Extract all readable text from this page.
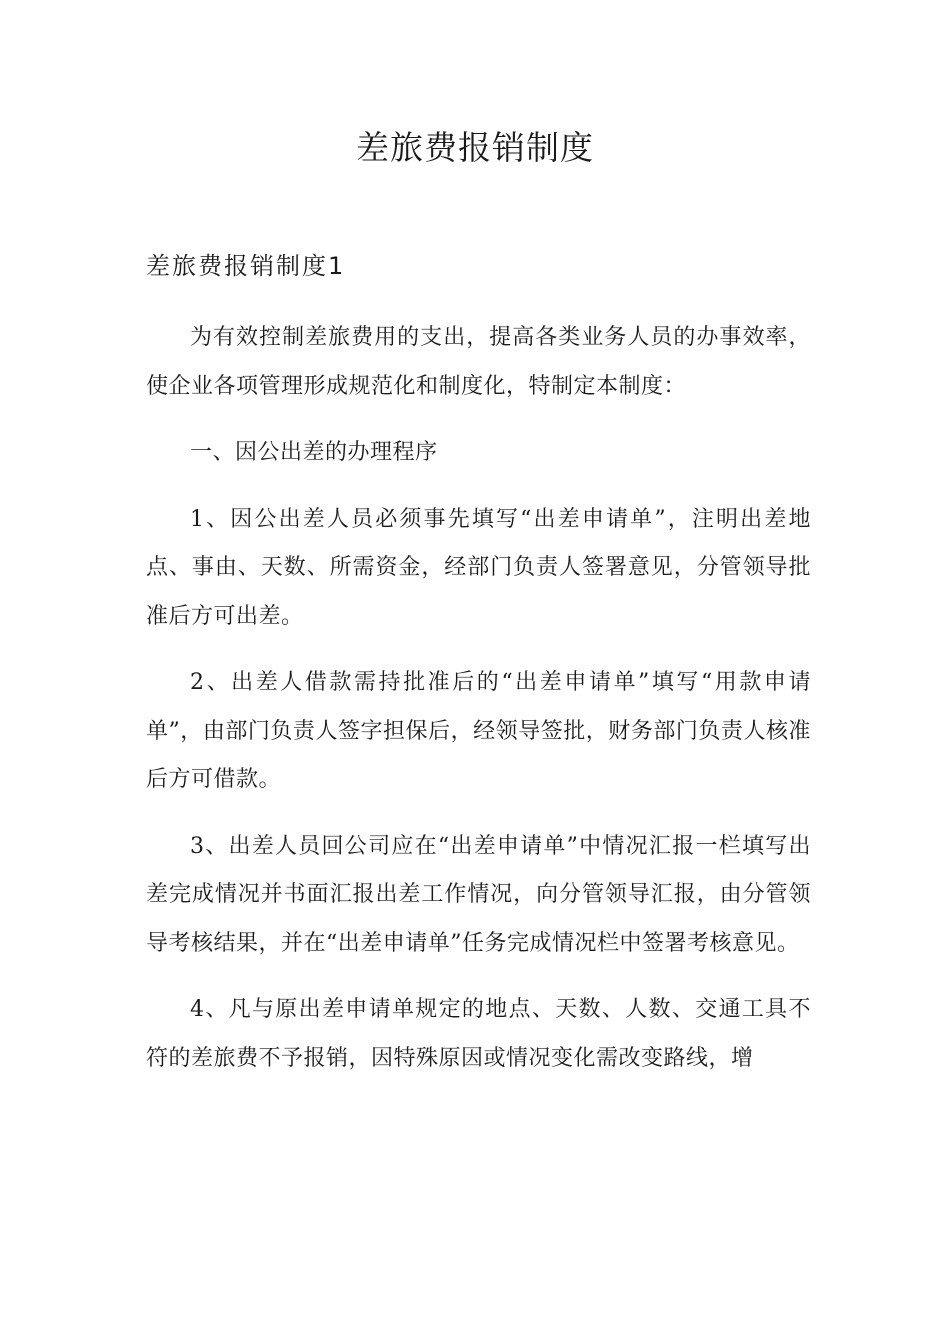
差旅费报销制度
差旅费报销制度1

为有效控制差旅费用的支出，提高各类业务人员的办事效率，使企业各项管理形成规范化和制度化，特制定本制度：

一、因公出差的办理程序

1、因公出差人员必须事先填写“出差申请单”，注明出差地点、事由、天数、所需资金，经部门负责人签署意见，分管领导批准后方可出差。

2、出差人借款需持批准后的“出差申请单”填写“用款申请单”，由部门负责人签字担保后，经领导签批，财务部门负责人核准后方可借款。

3、出差人员回公司应在“出差申请单”中情况汇报一栏填写出差完成情况并书面汇报出差工作情况，向分管领导汇报，由分管领导考核结果，并在“出差申请单”任务完成情况栏中签署考核意见。

4、凡与原出差申请单规定的地点、天数、人数、交通工具不符的差旅费不予报销，因特殊原因或情况变化需改变路线，增
